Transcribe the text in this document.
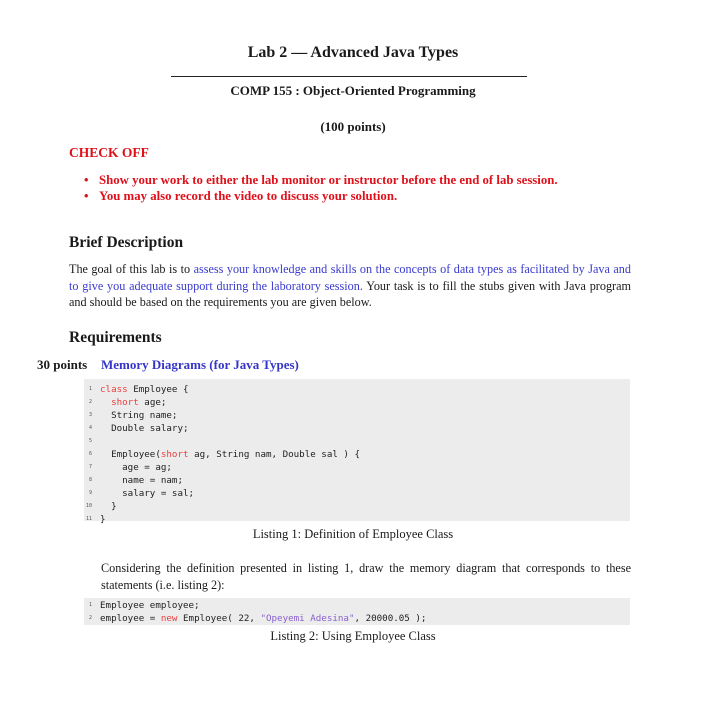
Lab 2 — Advanced Java Types
COMP 155 : Object-Oriented Programming
(100 points)
CHECK OFF
• Show your work to either the lab monitor or instructor before the end of lab session.
• You may also record the video to discuss your solution.
Brief Description
The goal of this lab is to assess your knowledge and skills on the concepts of data types as facilitated by Java and to give you adequate support during the laboratory session. Your task is to fill the stubs given with Java program and should be based on the requirements you are given below.
Requirements
30 points Memory Diagrams (for Java Types)
1 class Employee {
2	short age;
3 String name;
4 Double salary;
5
6 Employee(short ag, String nam, Double sal ) {
7 age = ag;
8 name = nam;
9 salary = sal;
10 }
11 }
Listing 1: Definition of Employee Class
Considering the definition presented in listing 1, draw the memory diagram that corresponds to these statements (i.e. listing 2):
1 Employee employee;
2 employee = new Employee( 22, "Opeyemi Adesina", 20000.05 );
Listing 2: Using Employee Class
